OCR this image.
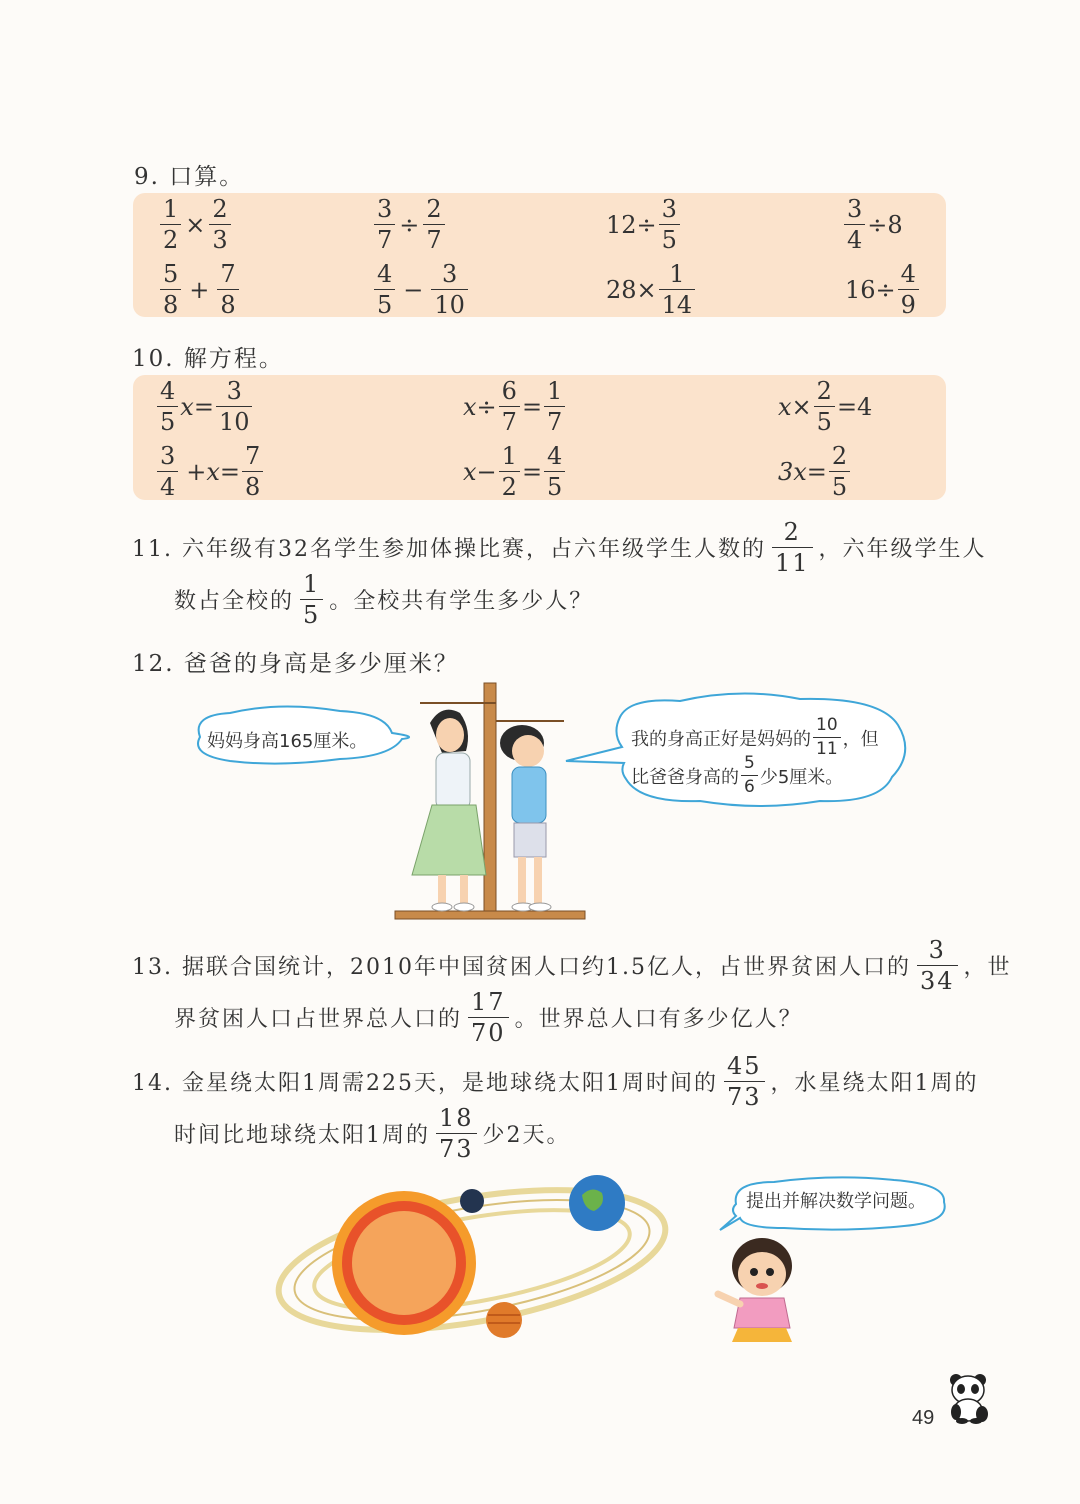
9. 口算。
$\frac{1}{2} \times \frac{2}{3}$	$\frac{3}{7} \div \frac{2}{7}$	$12\div \frac{3}{5}$	$\frac{3}{4} \div 8$
$\frac{5}{8} + \frac{7}{8}$	$\frac{4}{5} - \frac{3}{10}$	$28\times \frac{1}{14}$	$16\div \frac{4}{9}$
10. 解方程。
$\frac{4}{5} x= \frac{3}{10}$	$x\div \frac{6}{7} = \frac{1}{7}$	$x\times \frac{2}{5} =4$
$\frac{3}{4} +x= \frac{7}{8}$	$x- \frac{1}{2} = \frac{4}{5}$	$3x= \frac{2}{5}$
11. 六年级有32名学生参加体操比赛，占六年级学生人数的 $\frac{2}{11}$ ，六年级学生人
数占全校的 $\frac{1}{5}$ 。全校共有学生多少人？
12. 爸爸的身高是多少厘米？
妈妈身高165厘米。	我的身高正好是妈妈的 $\frac{10}{11}$ ，但
比爸爸身高的 $\frac{5}{6}$ 少5厘米。
13. 据联合国统计，2010年中国贫困人口约1.5亿人，占世界贫困人口的 $\frac{3}{34}$ ，世
界贫困人口占世界总人口的 $\frac{17}{70}$ 。世界总人口有多少亿人？
14. 金星绕太阳1周需225天，是地球绕太阳1周时间的 $\frac{45}{73}$ ，水星绕太阳1周的
时间比地球绕太阳1周的 $\frac{18}{73}$ 少2天。
提出并解决数学问题。
49
